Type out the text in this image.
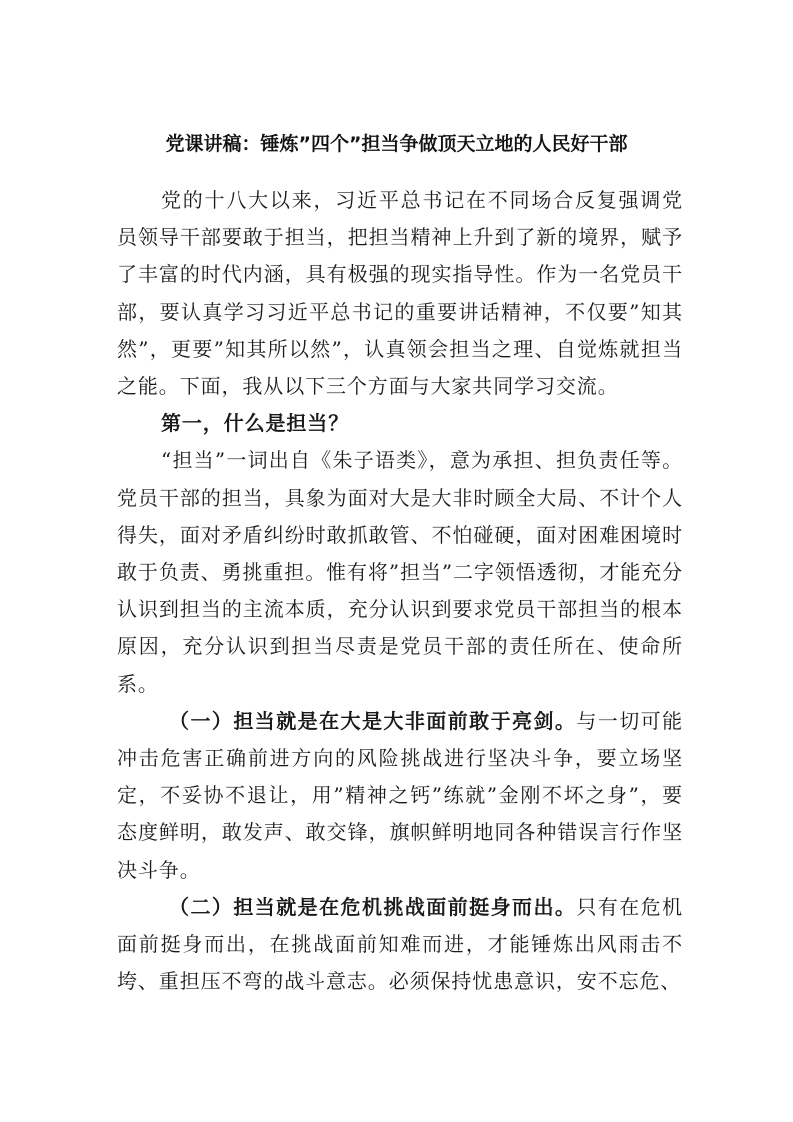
党课讲稿：锤炼”四个”担当争做顶天立地的人民好干部

党的十八大以来，习近平总书记在不同场合反复强调党员领导干部要敢于担当，把担当精神上升到了新的境界，赋予了丰富的时代内涵，具有极强的现实指导性。作为一名党员干部，要认真学习习近平总书记的重要讲话精神，不仅要”知其然”，更要”知其所以然”，认真领会担当之理、自觉炼就担当之能。下面，我从以下三个方面与大家共同学习交流。

第一，什么是担当？

“担当”一词出自《朱子语类》，意为承担、担负责任等。党员干部的担当，具象为面对大是大非时顾全大局、不计个人得失，面对矛盾纠纷时敢抓敢管、不怕碰硬，面对困难困境时敢于负责、勇挑重担。惟有将”担当”二字领悟透彻，才能充分认识到担当的主流本质，充分认识到要求党员干部担当的根本原因，充分认识到担当尽责是党员干部的责任所在、使命所系。

（一）担当就是在大是大非面前敢于亮剑。与一切可能冲击危害正确前进方向的风险挑战进行坚决斗争，要立场坚定，不妥协不退让，用”精神之钙”练就”金刚不坏之身”，要态度鲜明，敢发声、敢交锋，旗帜鲜明地同各种错误言行作坚决斗争。

（二）担当就是在危机挑战面前挺身而出。只有在危机面前挺身而出，在挑战面前知难而进，才能锤炼出风雨击不垮、重担压不弯的战斗意志。必须保持忧患意识，安不忘危、
